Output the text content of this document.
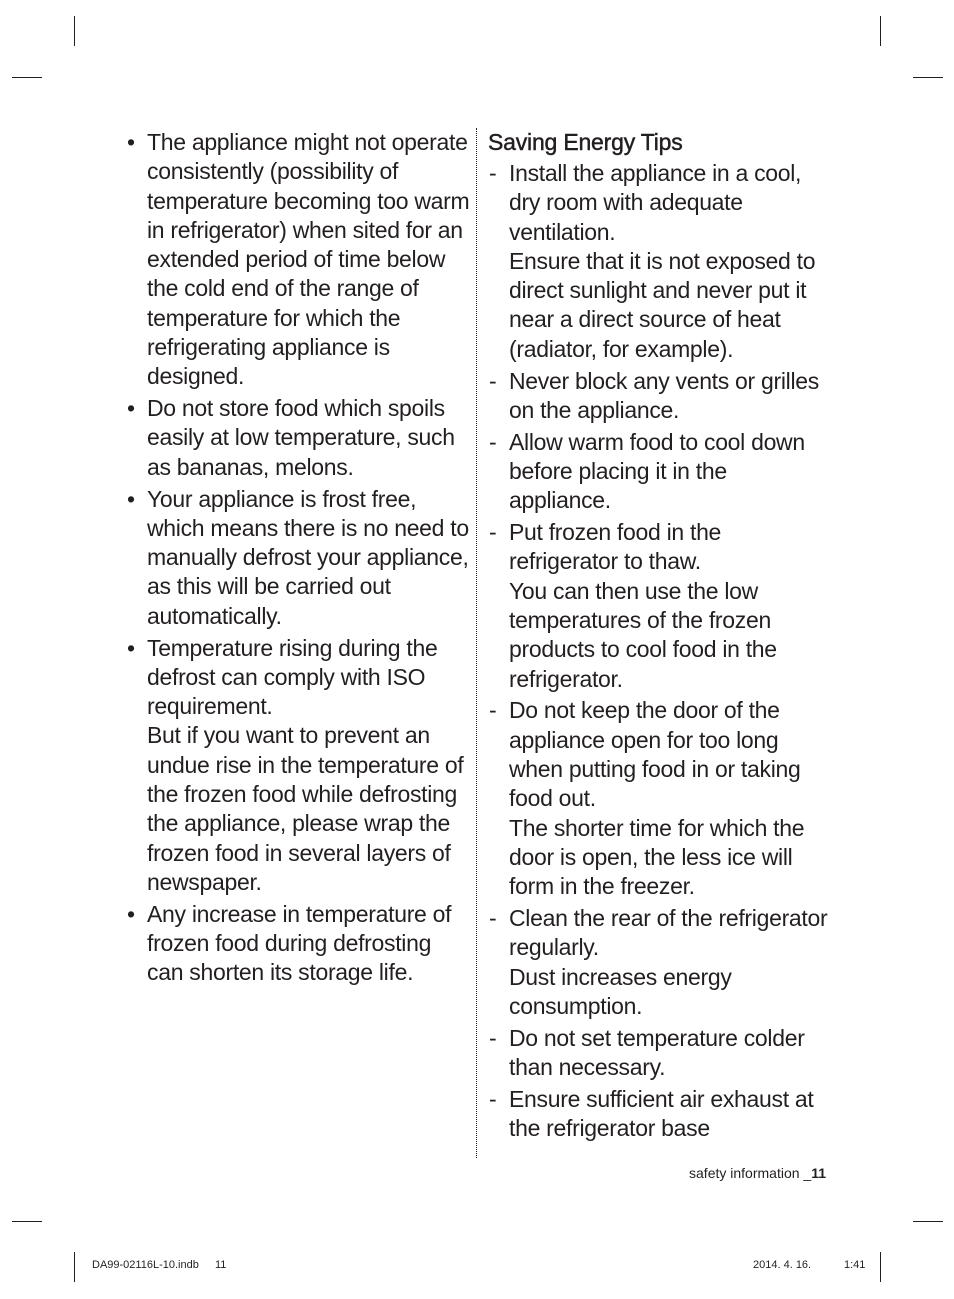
• The appliance might not operate consistently (possibility of temperature becoming too warm in refrigerator) when sited for an extended period of time below the cold end of the range of temperature for which the refrigerating appliance is designed.
• Do not store food which spoils easily at low temperature, such as bananas, melons.
• Your appliance is frost free, which means there is no need to manually defrost your appliance, as this will be carried out automatically.
• Temperature rising during the defrost can comply with ISO requirement.
But if you want to prevent an undue rise in the temperature of the frozen food while defrosting the appliance, please wrap the frozen food in several layers of newspaper.
• Any increase in temperature of frozen food during defrosting can shorten its storage life.
Saving Energy Tips
- Install the appliance in a cool, dry room with adequate ventilation.
Ensure that it is not exposed to direct sunlight and never put it near a direct source of heat (radiator, for example).
- Never block any vents or grilles on the appliance.
- Allow warm food to cool down before placing it in the appliance.
- Put frozen food in the refrigerator to thaw.
You can then use the low temperatures of the frozen products to cool food in the refrigerator.
- Do not keep the door of the appliance open for too long when putting food in or taking food out.
The shorter time for which the door is open, the less ice will form in the freezer.
- Clean the rear of the refrigerator regularly.
Dust increases energy consumption.
- Do not set temperature colder than necessary.
- Ensure sufficient air exhaust at the refrigerator base
safety information _11
DA99-02116L-10.indb 11	2014. 4. 16.	1:41
